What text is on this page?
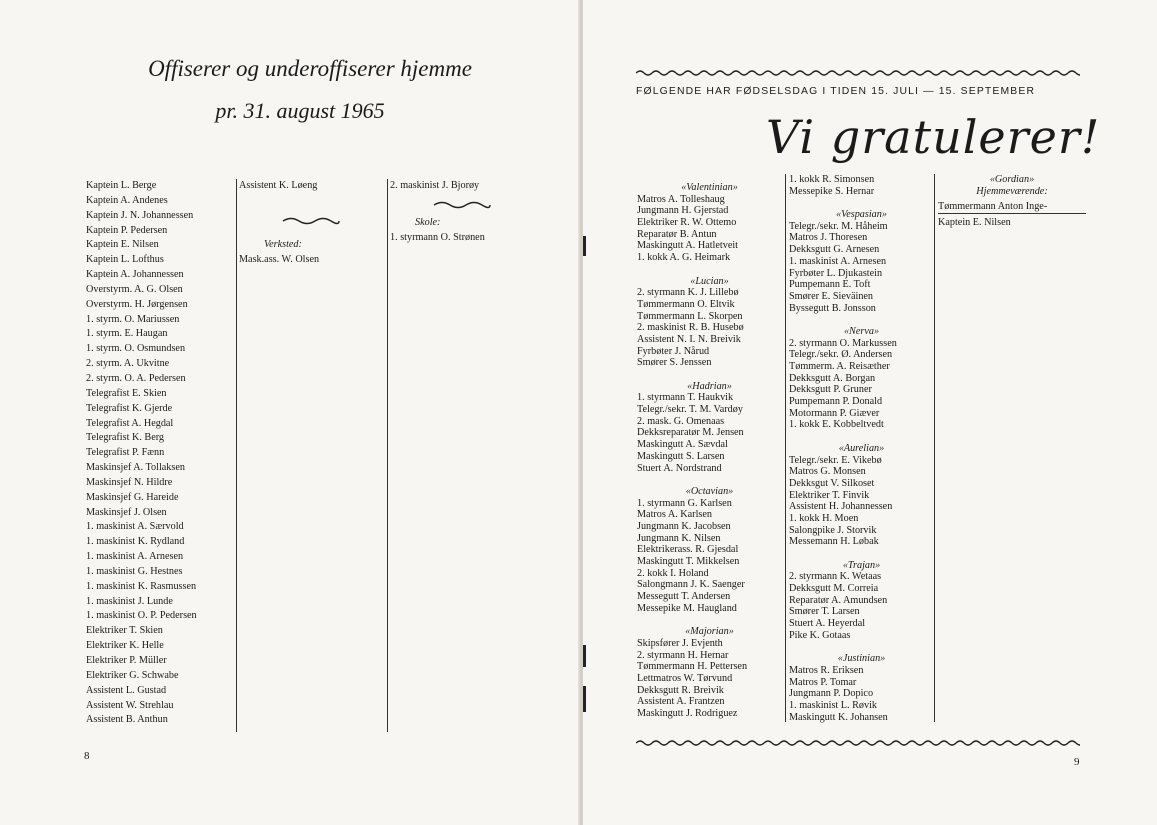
Offiserer og underoffiserer hjemme
pr. 31. august 1965
Kaptein L. Berge
Kaptein A. Andenes
Kaptein J. N. Johannessen
Kaptein P. Pedersen
Kaptein E. Nilsen
Kaptein L. Lofthus
Kaptein A. Johannessen
Overstyrm. A. G. Olsen
Overstyrm. H. Jørgensen
1. styrm. O. Mariussen
1. styrm. E. Haugan
1. styrm. O. Osmundsen
2. styrm. A. Ukvitne
2. styrm. O. A. Pedersen
Telegrafist E. Skien
Telegrafist K. Gjerde
Telegrafist A. Hegdal
Telegrafist K. Berg
Telegrafist P. Fænn
Maskinsjef A. Tollaksen
Maskinsjef N. Hildre
Maskinsjef G. Hareide
Maskinsjef J. Olsen
1. maskinist A. Særvold
1. maskinist K. Rydland
1. maskinist A. Arnesen
1. maskinist G. Hestnes
1. maskinist K. Rasmussen
1. maskinist J. Lunde
1. maskinist O. P. Pedersen
Elektriker T. Skien
Elektriker K. Helle
Elektriker P. Müller
Elektriker G. Schwabe
Assistent L. Gustad
Assistent W. Strehlau
Assistent B. Anthun
Assistent K. Løeng
Verksted:
Mask.ass. W. Olsen
2. maskinist J. Bjorøy
Skole:
1. styrmann O. Strønen
8
FØLGENDE HAR FØDSELSDAG I TIDEN 15. JULI — 15. SEPTEMBER
Vi gratulerer!
«Valentinian»
Matros A. Tolleshaug
Jungmann H. Gjerstad
Elektriker R. W. Ottemo
Reparatør B. Antun
Maskingutt A. Hatletveit
1. kokk A. G. Heimark
«Lucian»
2. styrmann K. J. Lillebø
Tømmermann O. Eltvik
Tømmermann L. Skorpen
2. maskinist R. B. Husebø
Assistent N. I. N. Breivik
Fyrbøter J. Nårud
Smører S. Jenssen
«Hadrian»
1. styrmann T. Haukvik
Telegr./sekr. T. M. Vardøy
2. mask. G. Omenaas
Dekksreparatør M. Jensen
Maskingutt A. Sævdal
Maskingutt S. Larsen
Stuert A. Nordstrand
«Octavian»
1. styrmann G. Karlsen
Matros A. Karlsen
Jungmann K. Jacobsen
Jungmann K. Nilsen
Elektrikerass. R. Gjesdal
Maskingutt T. Mikkelsen
2. kokk I. Holand
Salongmann J. K. Saenger
Messegutt T. Andersen
Messepike M. Haugland
«Majorian»
Skipsfører J. Evjenth
2. styrmann H. Hernar
Tømmermann H. Pettersen
Lettmatros W. Tørvund
Dekksgutt R. Breivik
Assistent A. Frantzen
Maskingutt J. Rodriguez
1. kokk R. Simonsen
Messepike S. Hernar
«Vespasian»
Telegr./sekr. M. Håheim
Matros J. Thoresen
Dekksgutt G. Arnesen
1. maskinist A. Arnesen
Fyrbøter L. Djukastein
Pumpemann E. Toft
Smører E. Sieväinen
Byssegutt B. Jonsson
«Nerva»
2. styrmann O. Markussen
Telegr./sekr. Ø. Andersen
Tømmerm. A. Reisæther
Dekksgutt A. Borgan
Dekksgutt P. Gruner
Pumpemann P. Donald
Motormann P. Giæver
1. kokk E. Kobbeltvedt
«Aurelian»
Telegr./sekr. E. Vikebø
Matros G. Monsen
Dekksgut V. Silkoset
Elektriker T. Finvik
Assistent H. Johannessen
1. kokk H. Moen
Salongpike J. Storvik
Messemann H. Løbak
«Trajan»
2. styrmann K. Wetaas
Dekksgutt M. Correia
Reparatør A. Amundsen
Smører T. Larsen
Stuert A. Heyerdal
Pike K. Gotaas
«Justinian»
Matros R. Eriksen
Matros P. Tomar
Jungmann P. Dopico
1. maskinist L. Røvik
Maskingutt K. Johansen
«Gordian»
Hjemmeværende:
Tømmermann Anton Inge-
Kaptein E. Nilsen
9
